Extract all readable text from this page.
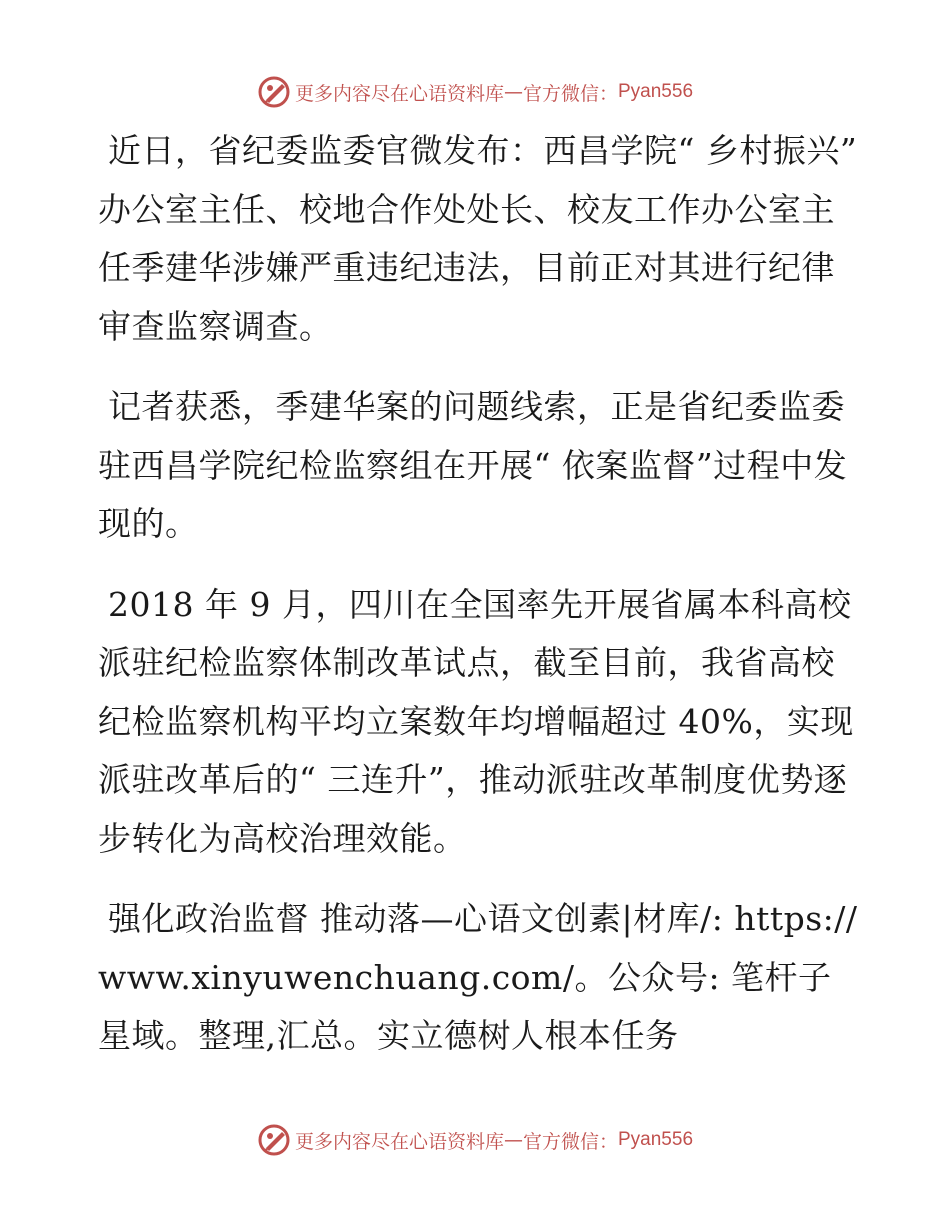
更多内容尽在心语资料库 — 官方微信： Pyan556

近日，省纪委监委官微发布：西昌学院“ 乡村振兴” 办公室主任、校地合作处处长、校友工作办公室主任季建华涉嫌严重违纪违法，目前正对其进行纪律审查监察调查。

记者获悉，季建华案的问题线索，正是省纪委监委驻西昌学院纪检监察组在开展“ 依案监督”过程中发现的。

2018 年 9 月，四川在全国率先开展省属本科高校派驻纪检监察体制改革试点，截至目前，我省高校纪检监察机构平均立案数年均增幅超过 40%，实现派驻改革后的“ 三连升”，推动派驻改革制度优势逐步转化为高校治理效能。

强化政治监督 推动落—心语文创素|材库/: https://www.xinyuwenchuang.com/。公众号: 笔杆子星域。整理,汇总。实立德树人根本任务

更多内容尽在心语资料库 — 官方微信： Pyan556
